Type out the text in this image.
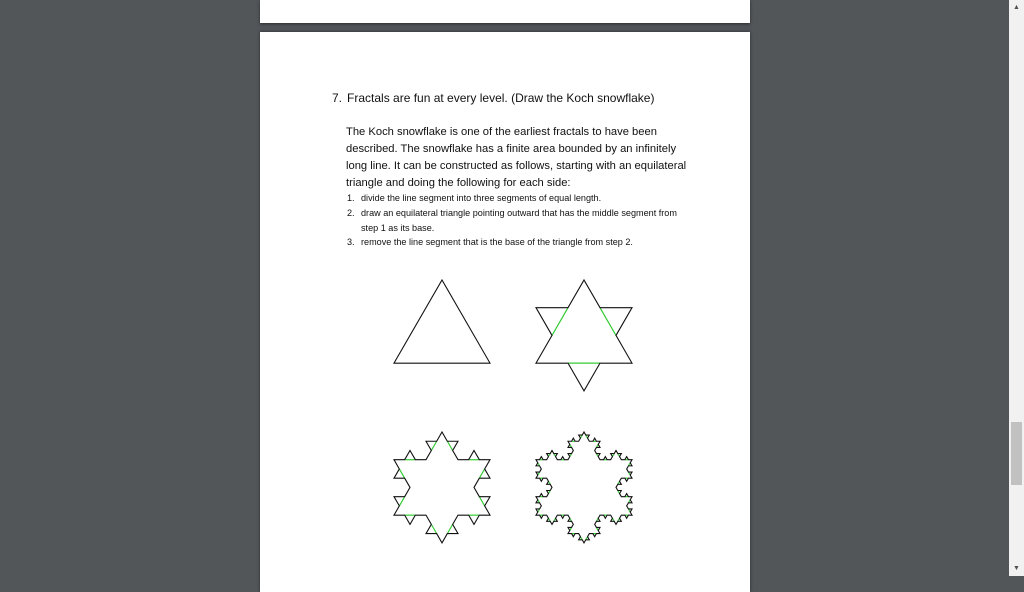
7. Fractals are fun at every level. (Draw the Koch snowflake)
The Koch snowflake is one of the earliest fractals to have been described. The snowflake has a finite area bounded by an infinitely long line. It can be constructed as follows, starting with an equilateral triangle and doing the following for each side:
1. divide the line segment into three segments of equal length.
2. draw an equilateral triangle pointing outward that has the middle segment from step 1 as its base.
3. remove the line segment that is the base of the triangle from step 2.
▲
▼
